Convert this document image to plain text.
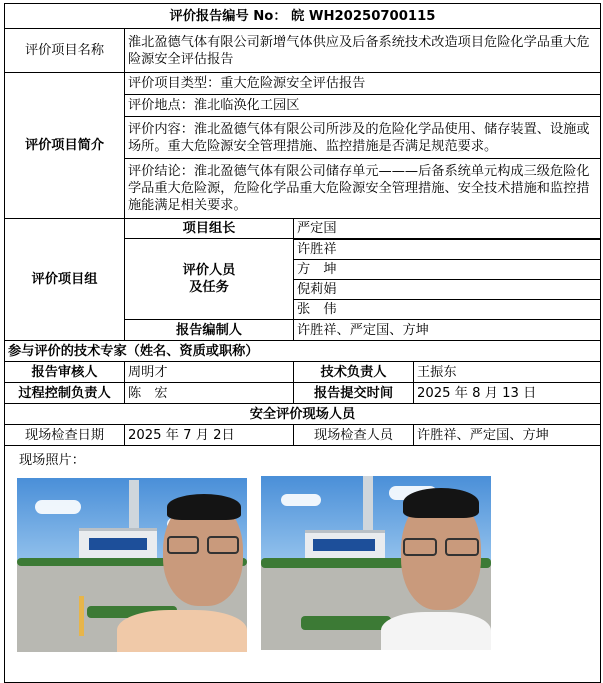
评价报告编号 No： 皖 WH20250700115			
评价项目名称	淮北盈德气体有限公司新增气体供应及后备系统技术改造项目危险化学品重大危险源安全评估报告		
评价项目简介	评价项目类型：重大危险源安全评估报告		
	评价地点：淮北临涣化工园区		
	评价内容：淮北盈德气体有限公司所涉及的危险化学品使用、储存装置、设施或场所。重大危险源安全管理措施、监控措施是否满足规范要求。		
	评价结论：淮北盈德气体有限公司储存单元———后备系统单元构成三级危险化学品重大危险源，危险化学品重大危险源安全管理措施、安全技术措施和监控措施能满足相关要求。		
评价项目组	项目组长	严定国	

	评价人员
及任务		

		许胜祥	
		方　坤	
		倪莉娟	
		张　伟	
	报告编制人	许胜祥、严定国、方坤	
参与评价的技术专家（姓名、资质或职称）			
报告审核人	周明才	技术负责人	王振东
过程控制负责人	陈　宏	报告提交时间	2025 年 8 月 13 日
安全评价现场人员			
现场检查日期	2025 年 7 月 2日	现场检查人员	许胜祥、严定国、方坤

现场照片：			
